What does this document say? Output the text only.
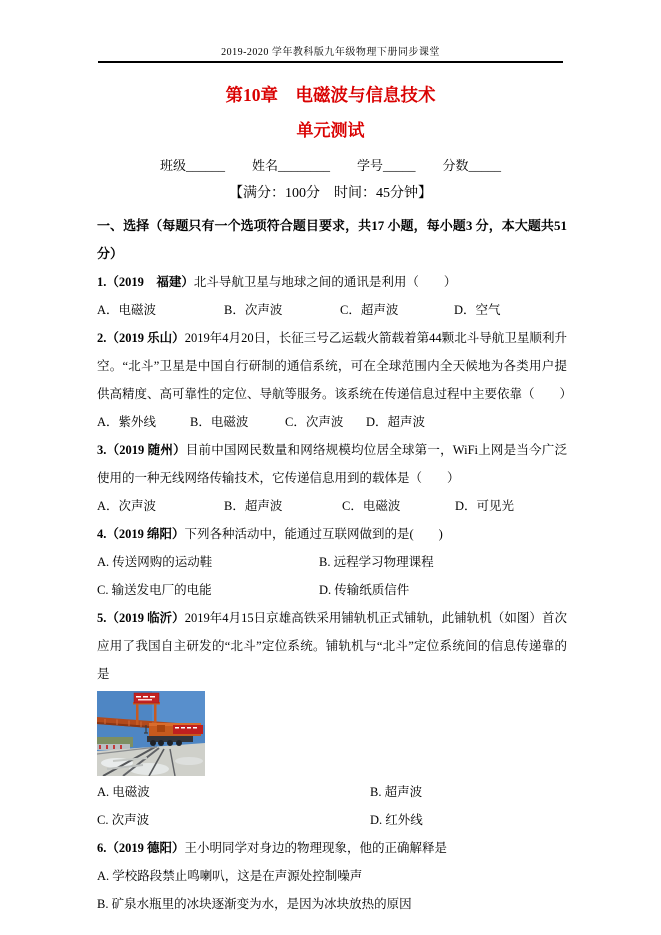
2019-2020 学年教科版九年级物理下册同步课堂
第10章　电磁波与信息技术
单元测试
班级______ 姓名________ 学号_____ 分数_____
【满分：100分　时间：45分钟】

一、选择（每题只有一个选项符合题目要求，共17 小题，每小题3 分，本大题共51 分）

1.（2019　福建）北斗导航卫星与地球之间的通讯是利用（　　）

A．电磁波	B．次声波	C．超声波	D．空气

2.（2019 乐山）2019年4月20日，长征三号乙运载火箭载着第44颗北斗导航卫星顺利升空。“北斗”卫星是中国自行研制的通信系统，可在全球范围内全天候地为各类用户提供高精度、高可靠性的定位、导航等服务。该系统在传递信息过程中主要依靠（　　）

A．紫外线	B．电磁波	C．次声波	D．超声波

3.（2019 随州）目前中国网民数量和网络规模均位居全球第一，WiFi上网是当今广泛使用的一种无线网络传输技术，它传递信息用到的载体是（　　）

A．次声波	B．超声波	C．电磁波	D．可见光

4.（2019 绵阳）下列各种活动中，能通过互联网做到的是(　　)

A. 传送网购的运动鞋	B. 远程学习物理课程
C. 输送发电厂的电能	D. 传输纸质信件

5.（2019 临沂）2019年4月15日京雄高铁采用铺轨机正式铺轨，此铺轨机（如图）首次应用了我国自主研发的“北斗”定位系统。铺轨机与“北斗”定位系统间的信息传递靠的是

A. 电磁波	B. 超声波
C. 次声波	D. 红外线

6.（2019 德阳）王小明同学对身边的物理现象，他的正确解释是

A. 学校路段禁止鸣喇叭，这是在声源处控制噪声
B. 矿泉水瓶里的冰块逐渐变为水，是因为冰块放热的原因
